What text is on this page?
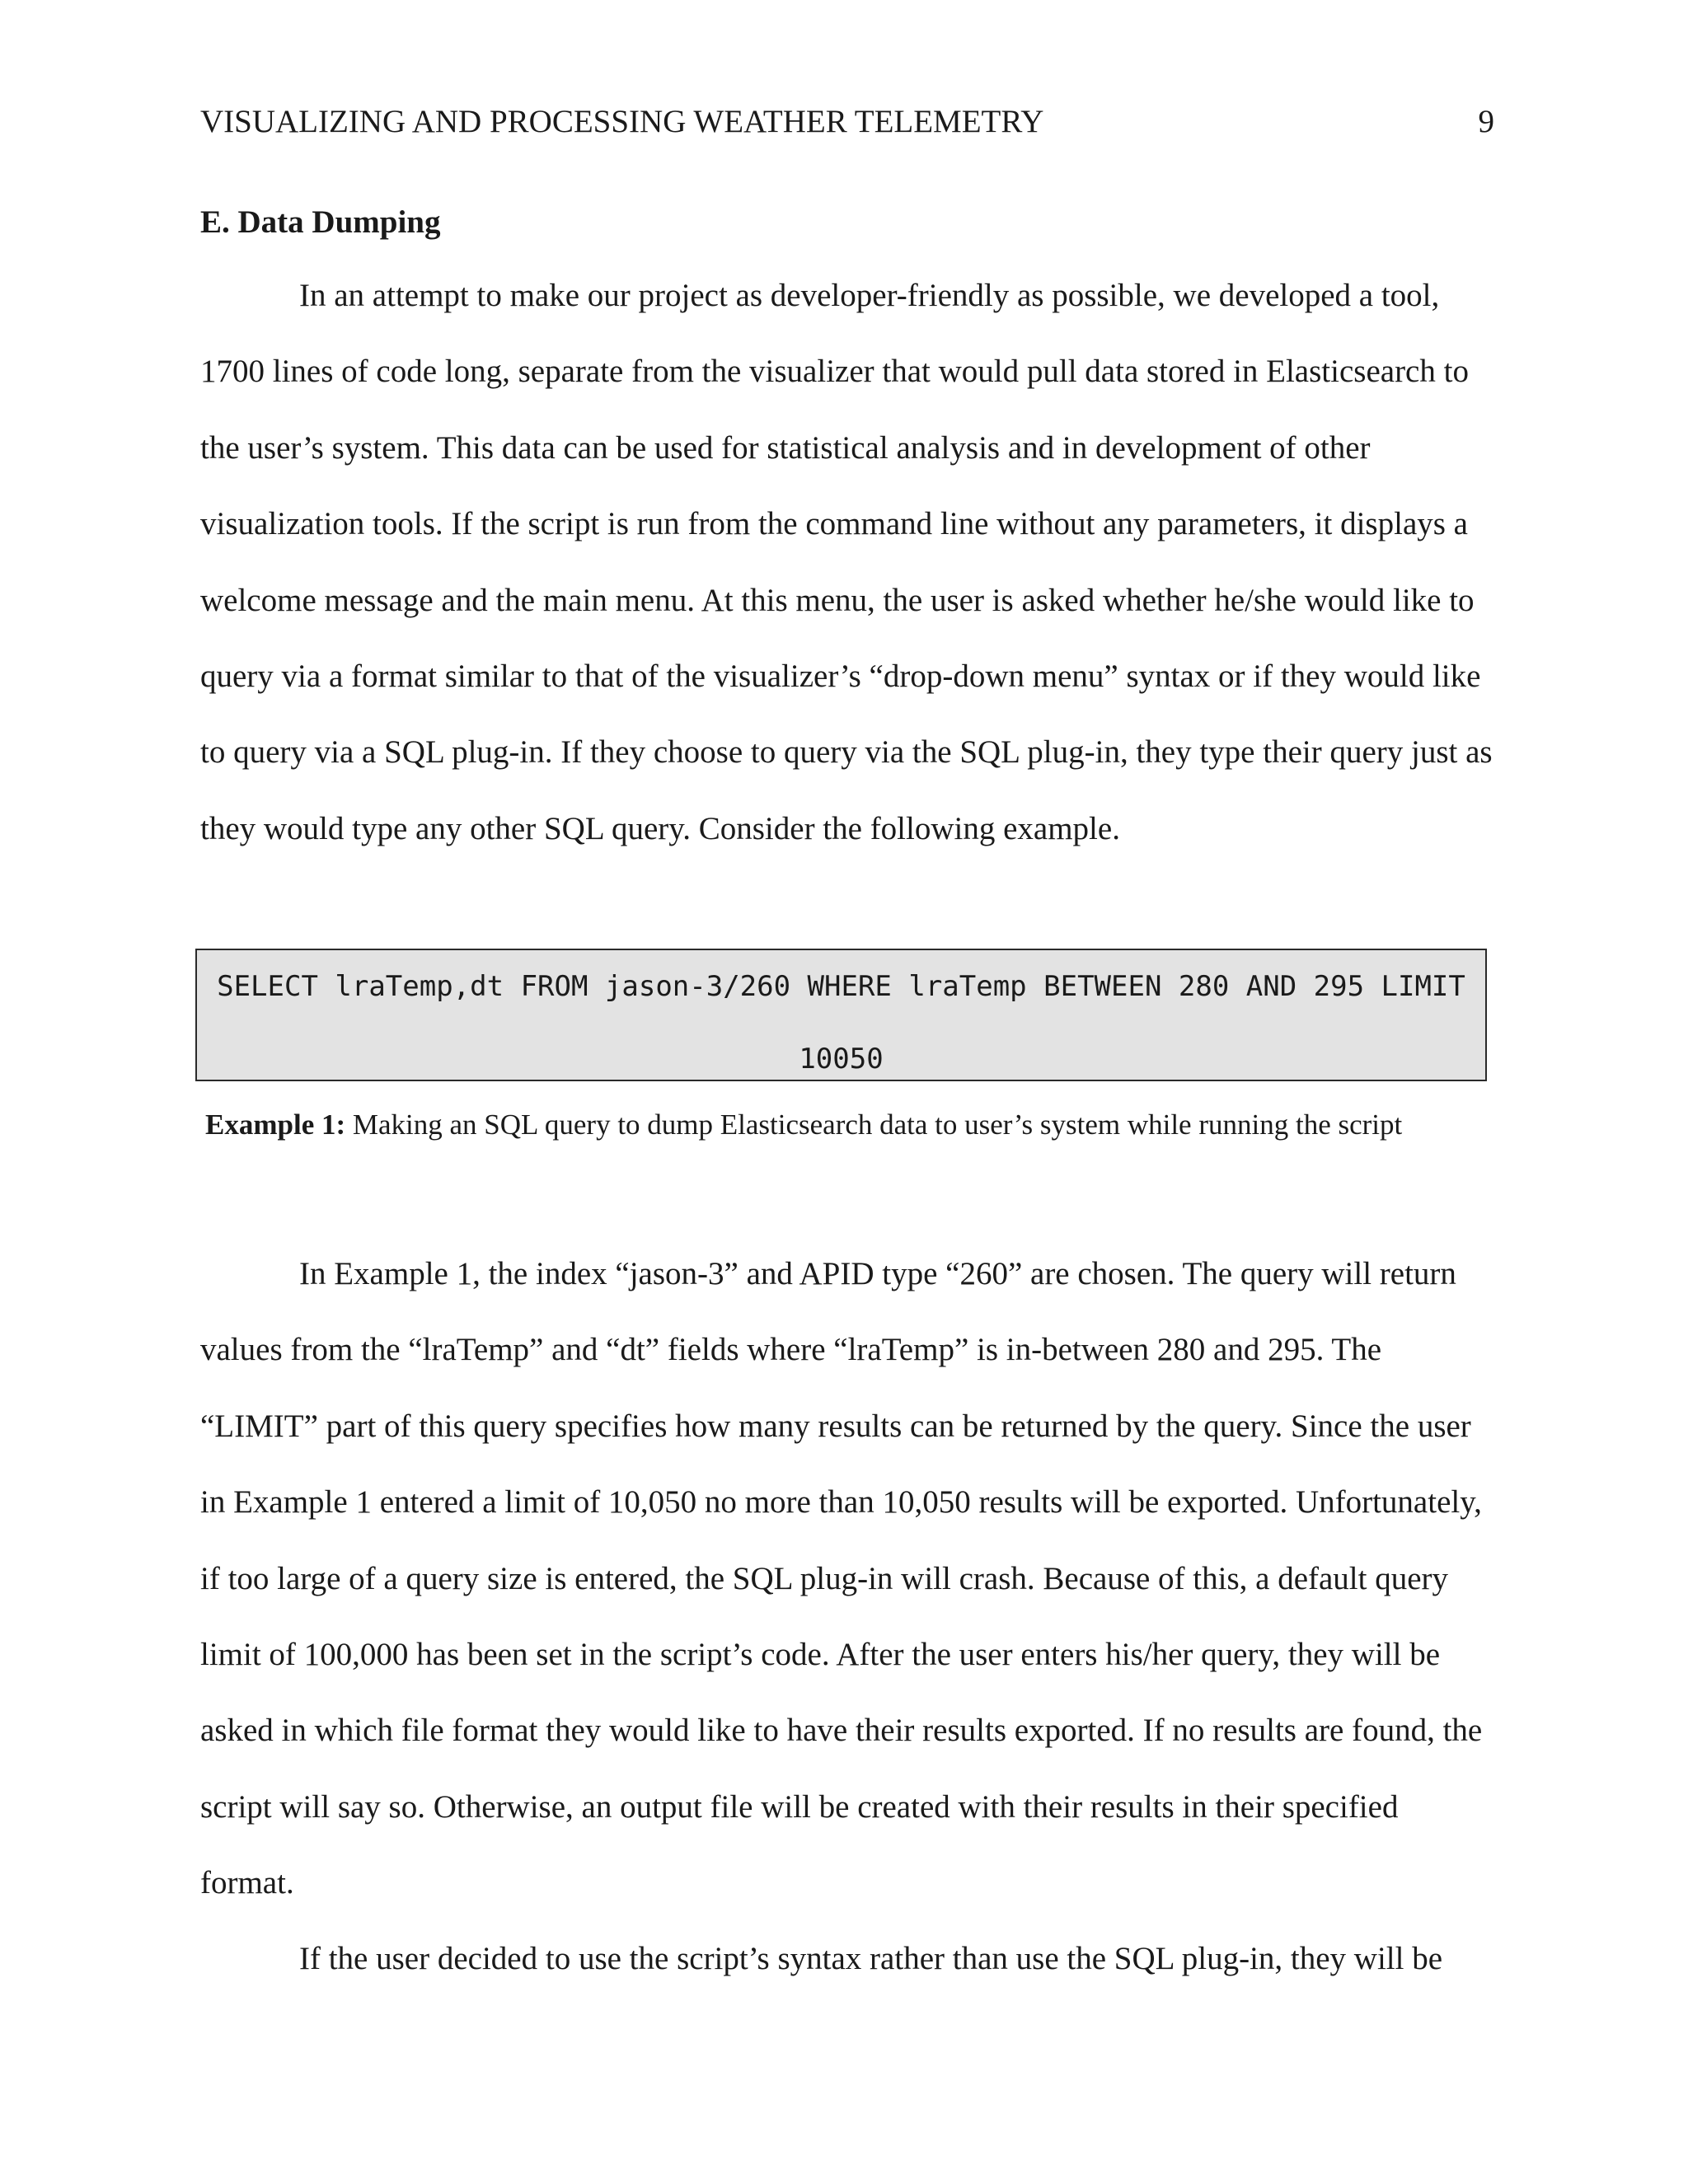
VISUALIZING AND PROCESSING WEATHER TELEMETRY	9
E. Data Dumping

In an attempt to make our project as developer-friendly as possible, we developed a tool, 1700 lines of code long, separate from the visualizer that would pull data stored in Elasticsearch to the user’s system. This data can be used for statistical analysis and in development of other visualization tools. If the script is run from the command line without any parameters, it displays a welcome message and the main menu. At this menu, the user is asked whether he/she would like to query via a format similar to that of the visualizer’s “drop-down menu” syntax or if they would like to query via a SQL plug-in. If they choose to query via the SQL plug-in, they type their query just as they would type any other SQL query. Consider the following example.

SELECT lraTemp,dt FROM jason-3/260 WHERE lraTemp BETWEEN 280 AND 295 LIMIT 10050
Example 1: Making an SQL query to dump Elasticsearch data to user’s system while running the script

In Example 1, the index “jason-3” and APID type “260” are chosen. The query will return values from the “lraTemp” and “dt” fields where “lraTemp” is in-between 280 and 295. The “LIMIT” part of this query specifies how many results can be returned by the query. Since the user in Example 1 entered a limit of 10,050 no more than 10,050 results will be exported. Unfortunately, if too large of a query size is entered, the SQL plug-in will crash. Because of this, a default query limit of 100,000 has been set in the script’s code. After the user enters his/her query, they will be asked in which file format they would like to have their results exported. If no results are found, the script will say so. Otherwise, an output file will be created with their results in their specified format.

If the user decided to use the script’s syntax rather than use the SQL plug-in, they will be
